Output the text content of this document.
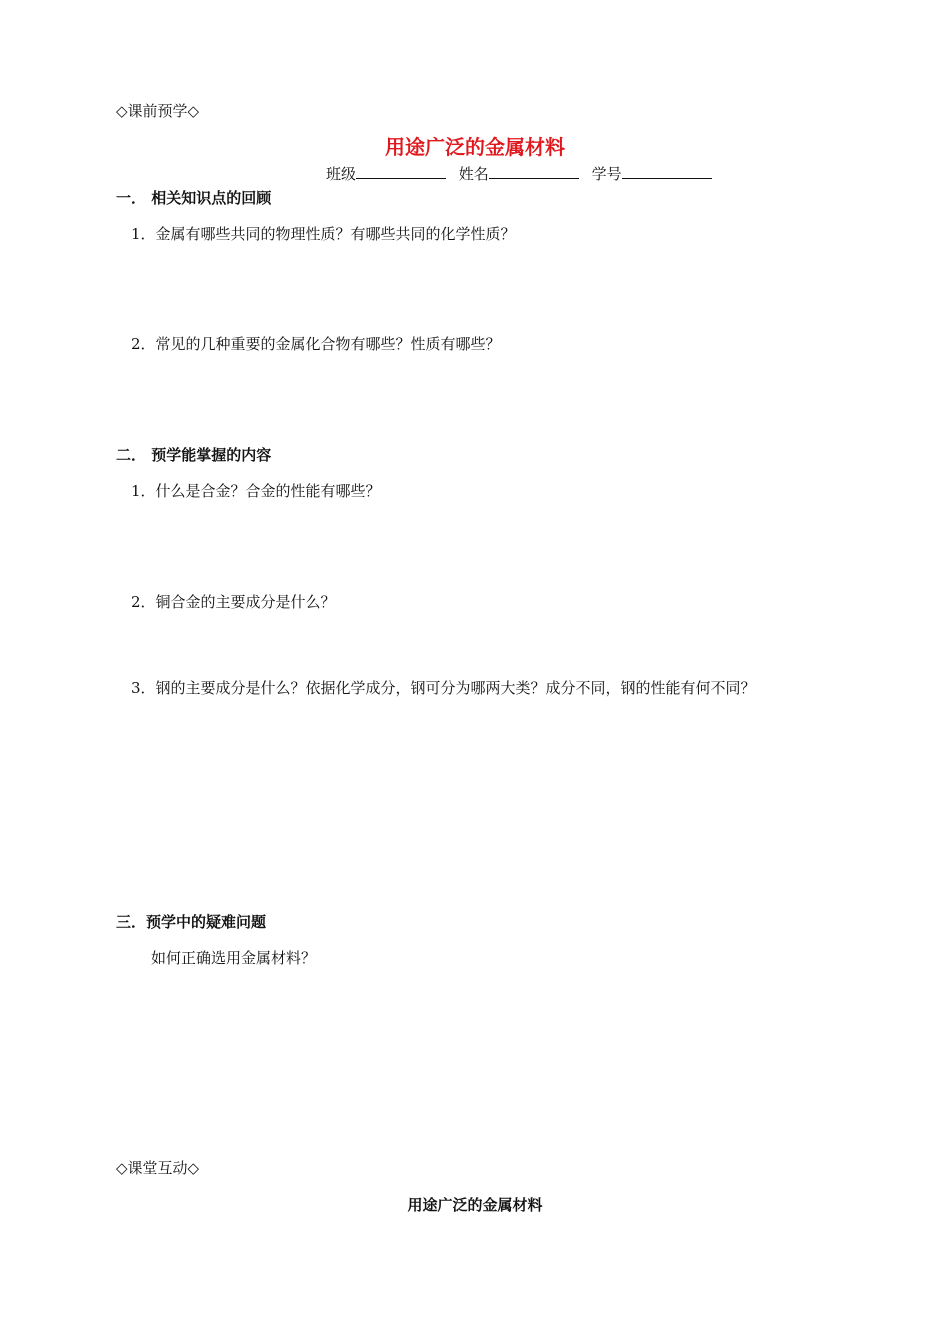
◇课前预学◇
用途广泛的金属材料
班级	姓名	学号
一． 相关知识点的回顾
1．金属有哪些共同的物理性质？有哪些共同的化学性质？
2．常见的几种重要的金属化合物有哪些？性质有哪些？
二． 预学能掌握的内容
1．什么是合金？合金的性能有哪些？
2．铜合金的主要成分是什么？
3．钢的主要成分是什么？依据化学成分，钢可分为哪两大类？成分不同，钢的性能有何不同？
三．预学中的疑难问题
如何正确选用金属材料？
◇课堂互动◇
用途广泛的金属材料
